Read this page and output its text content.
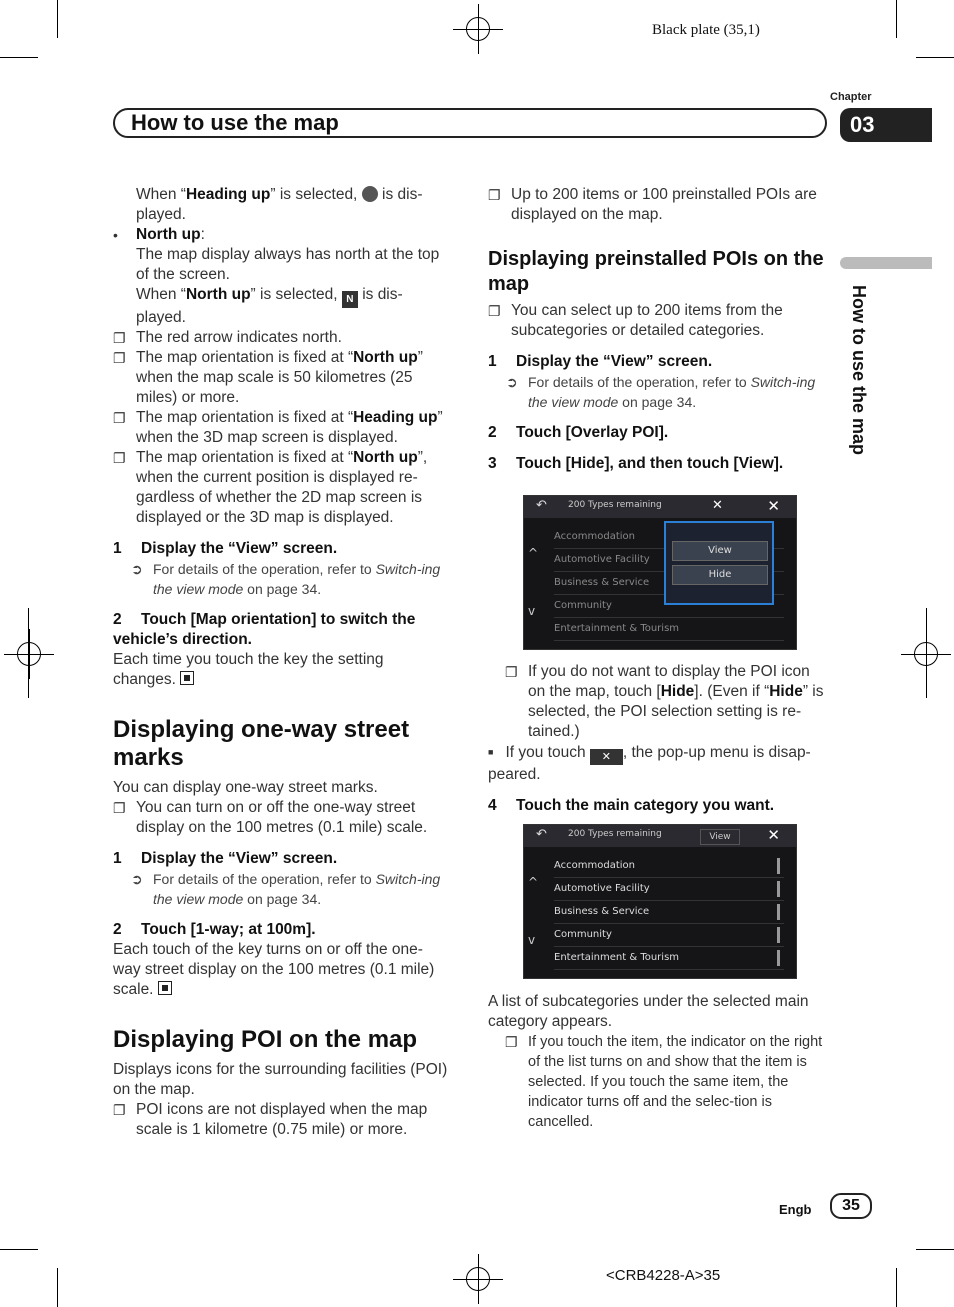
Black plate (35,1)
How to use the map
Chapter
03
How to use the map

When “Heading up” is selected, is dis-played.

• North up:

The map display always has north at the top of the screen.

When “North up” is selected, N is dis-played.

❐ The red arrow indicates north.

❐ The map orientation is fixed at “North up” when the map scale is 50 kilometres (25 miles) or more.

❐ The map orientation is fixed at “Heading up” when the 3D map screen is displayed.

❐ The map orientation is fixed at “North up”, when the current position is displayed re-gardless of whether the 2D map screen is displayed or the 3D map is displayed.

1 Display the “View” screen.
➲ For details of the operation, refer to Switch-ing the view mode on page 34.
2 Touch [Map orientation] to switch the vehicle’s direction.

Each time you touch the key the setting changes.

Displaying one-way street marks

You can display one-way street marks.

❐ You can turn on or off the one-way street display on the 100 metres (0.1 mile) scale.

1 Display the “View” screen.
➲ For details of the operation, refer to Switch-ing the view mode on page 34.
2 Touch [1-way; at 100m].

Each touch of the key turns on or off the one-way street display on the 100 metres (0.1 mile) scale.

Displaying POI on the map

Displays icons for the surrounding facilities (POI) on the map.

❐ POI icons are not displayed when the map scale is 1 kilometre (0.75 mile) or more.

❐ Up to 200 items or 100 preinstalled POIs are displayed on the map.

Displaying preinstalled POIs on the map

❐ You can select up to 200 items from the subcategories or detailed categories.

1 Display the “View” screen.
➲ For details of the operation, refer to Switch-ing the view mode on page 34.
2 Touch [Overlay POI].
3 Touch [Hide], and then touch [View].
↶ 200 Types remaining	✕	✕
^
v
Accommodation
Automotive Facility
Business & Service
Community
Entertainment & Tourism
View
Hide

❐ If you do not want to display the POI icon on the map, touch [Hide]. (Even if “Hide” is selected, the POI selection setting is re-tained.)

■ If you touch ✕ , the pop-up menu is disap-peared.

4 Touch the main category you want.
↶ 200 Types remaining	View	✕
^
v
Accommodation
Automotive Facility
Business & Service
Community
Entertainment & Tourism

A list of subcategories under the selected main category appears.

❐ If you touch the item, the indicator on the right of the list turns on and show that the item is selected. If you touch the same item, the indicator turns off and the selec-tion is cancelled.

Engb	35
<CRB4228-A>35
